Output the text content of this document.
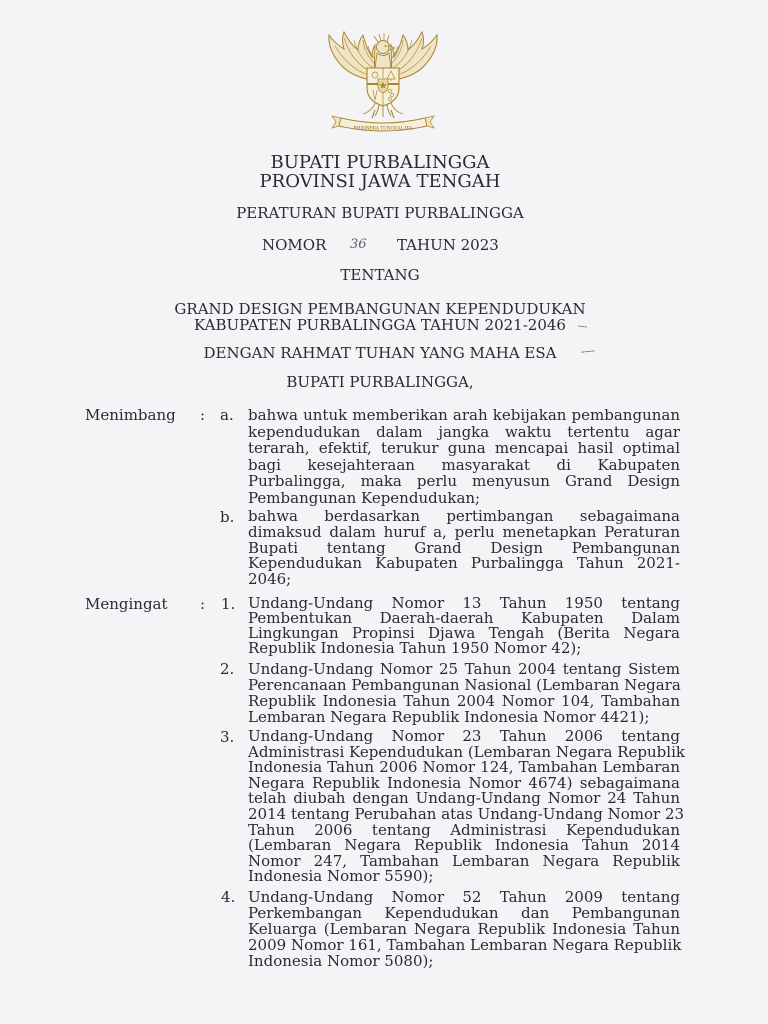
BHINNEKA TUNGGAL IKA
BUPATI PURBALINGGA
PROVINSI JAWA TENGAH
PERATURAN BUPATI PURBALINGGA
NOMOR 36 TAHUN 2023
TENTANG
GRAND DESIGN PEMBANGUNAN KEPENDUDUKAN
KABUPATEN PURBALINGGA TAHUN 2021-2046
DENGAN RAHMAT TUHAN YANG MAHA ESA
BUPATI PURBALINGGA,
Menimbang : a. bahwa untuk memberikan arah kebijakan pembangunan
kependudukan dalam jangka waktu tertentu agar
terarah, efektif, terukur guna mencapai hasil optimal
bagi kesejahteraan masyarakat di Kabupaten
Purbalingga, maka perlu menyusun Grand Design
Pembangunan Kependudukan;
b. bahwa berdasarkan pertimbangan sebagaimana
dimaksud dalam huruf a, perlu menetapkan Peraturan
Bupati tentang Grand Design Pembangunan
Kependudukan Kabupaten Purbalingga Tahun 2021-
2046;
Mengingat : 1. Undang-Undang Nomor 13 Tahun 1950 tentang
Pembentukan Daerah-daerah Kabupaten Dalam
Lingkungan Propinsi Djawa Tengah (Berita Negara
Republik Indonesia Tahun 1950 Nomor 42);
2. Undang-Undang Nomor 25 Tahun 2004 tentang Sistem
Perencanaan Pembangunan Nasional (Lembaran Negara
Republik Indonesia Tahun 2004 Nomor 104, Tambahan
Lembaran Negara Republik Indonesia Nomor 4421);
3. Undang-Undang Nomor 23 Tahun 2006 tentang
Administrasi Kependudukan (Lembaran Negara Republik
Indonesia Tahun 2006 Nomor 124, Tambahan Lembaran
Negara Republik Indonesia Nomor 4674) sebagaimana
telah diubah dengan Undang-Undang Nomor 24 Tahun
2014 tentang Perubahan atas Undang-Undang Nomor 23
Tahun 2006 tentang Administrasi Kependudukan
(Lembaran Negara Republik Indonesia Tahun 2014
Nomor 247, Tambahan Lembaran Negara Republik
Indonesia Nomor 5590);
4. Undang-Undang Nomor 52 Tahun 2009 tentang
Perkembangan Kependudukan dan Pembangunan
Keluarga (Lembaran Negara Republik Indonesia Tahun
2009 Nomor 161, Tambahan Lembaran Negara Republik
Indonesia Nomor 5080);
